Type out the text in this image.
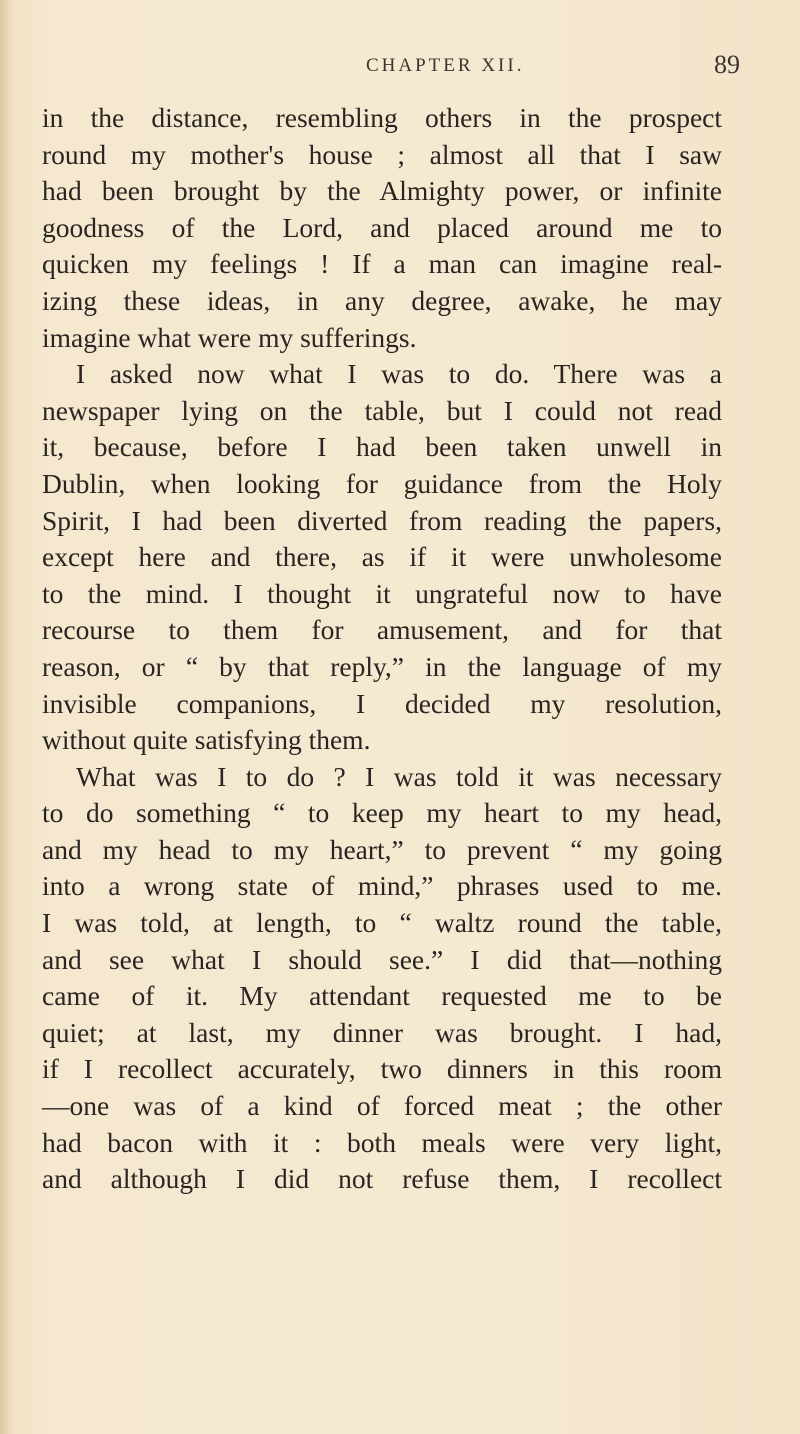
CHAPTER XII.	89
in the distance, resembling others in the prospect
round my mother's house ; almost all that I saw
had been brought by the Almighty power, or infinite
goodness of the Lord, and placed around me to
quicken my feelings ! If a man can imagine real-
izing these ideas, in any degree, awake, he may
imagine what were my sufferings.
I asked now what I was to do. There was a
newspaper lying on the table, but I could not read
it, because, before I had been taken unwell in
Dublin, when looking for guidance from the Holy
Spirit, I had been diverted from reading the papers,
except here and there, as if it were unwholesome
to the mind. I thought it ungrateful now to have
recourse to them for amusement, and for that
reason, or “ by that reply,” in the language of my
invisible companions, I decided my resolution,
without quite satisfying them.
What was I to do ? I was told it was necessary
to do something “ to keep my heart to my head,
and my head to my heart,” to prevent “ my going
into a wrong state of mind,” phrases used to me.
I was told, at length, to “ waltz round the table,
and see what I should see.” I did that—nothing
came of it. My attendant requested me to be
quiet; at last, my dinner was brought. I had,
if I recollect accurately, two dinners in this room
—one was of a kind of forced meat ; the other
had bacon with it : both meals were very light,
and although I did not refuse them, I recollect
